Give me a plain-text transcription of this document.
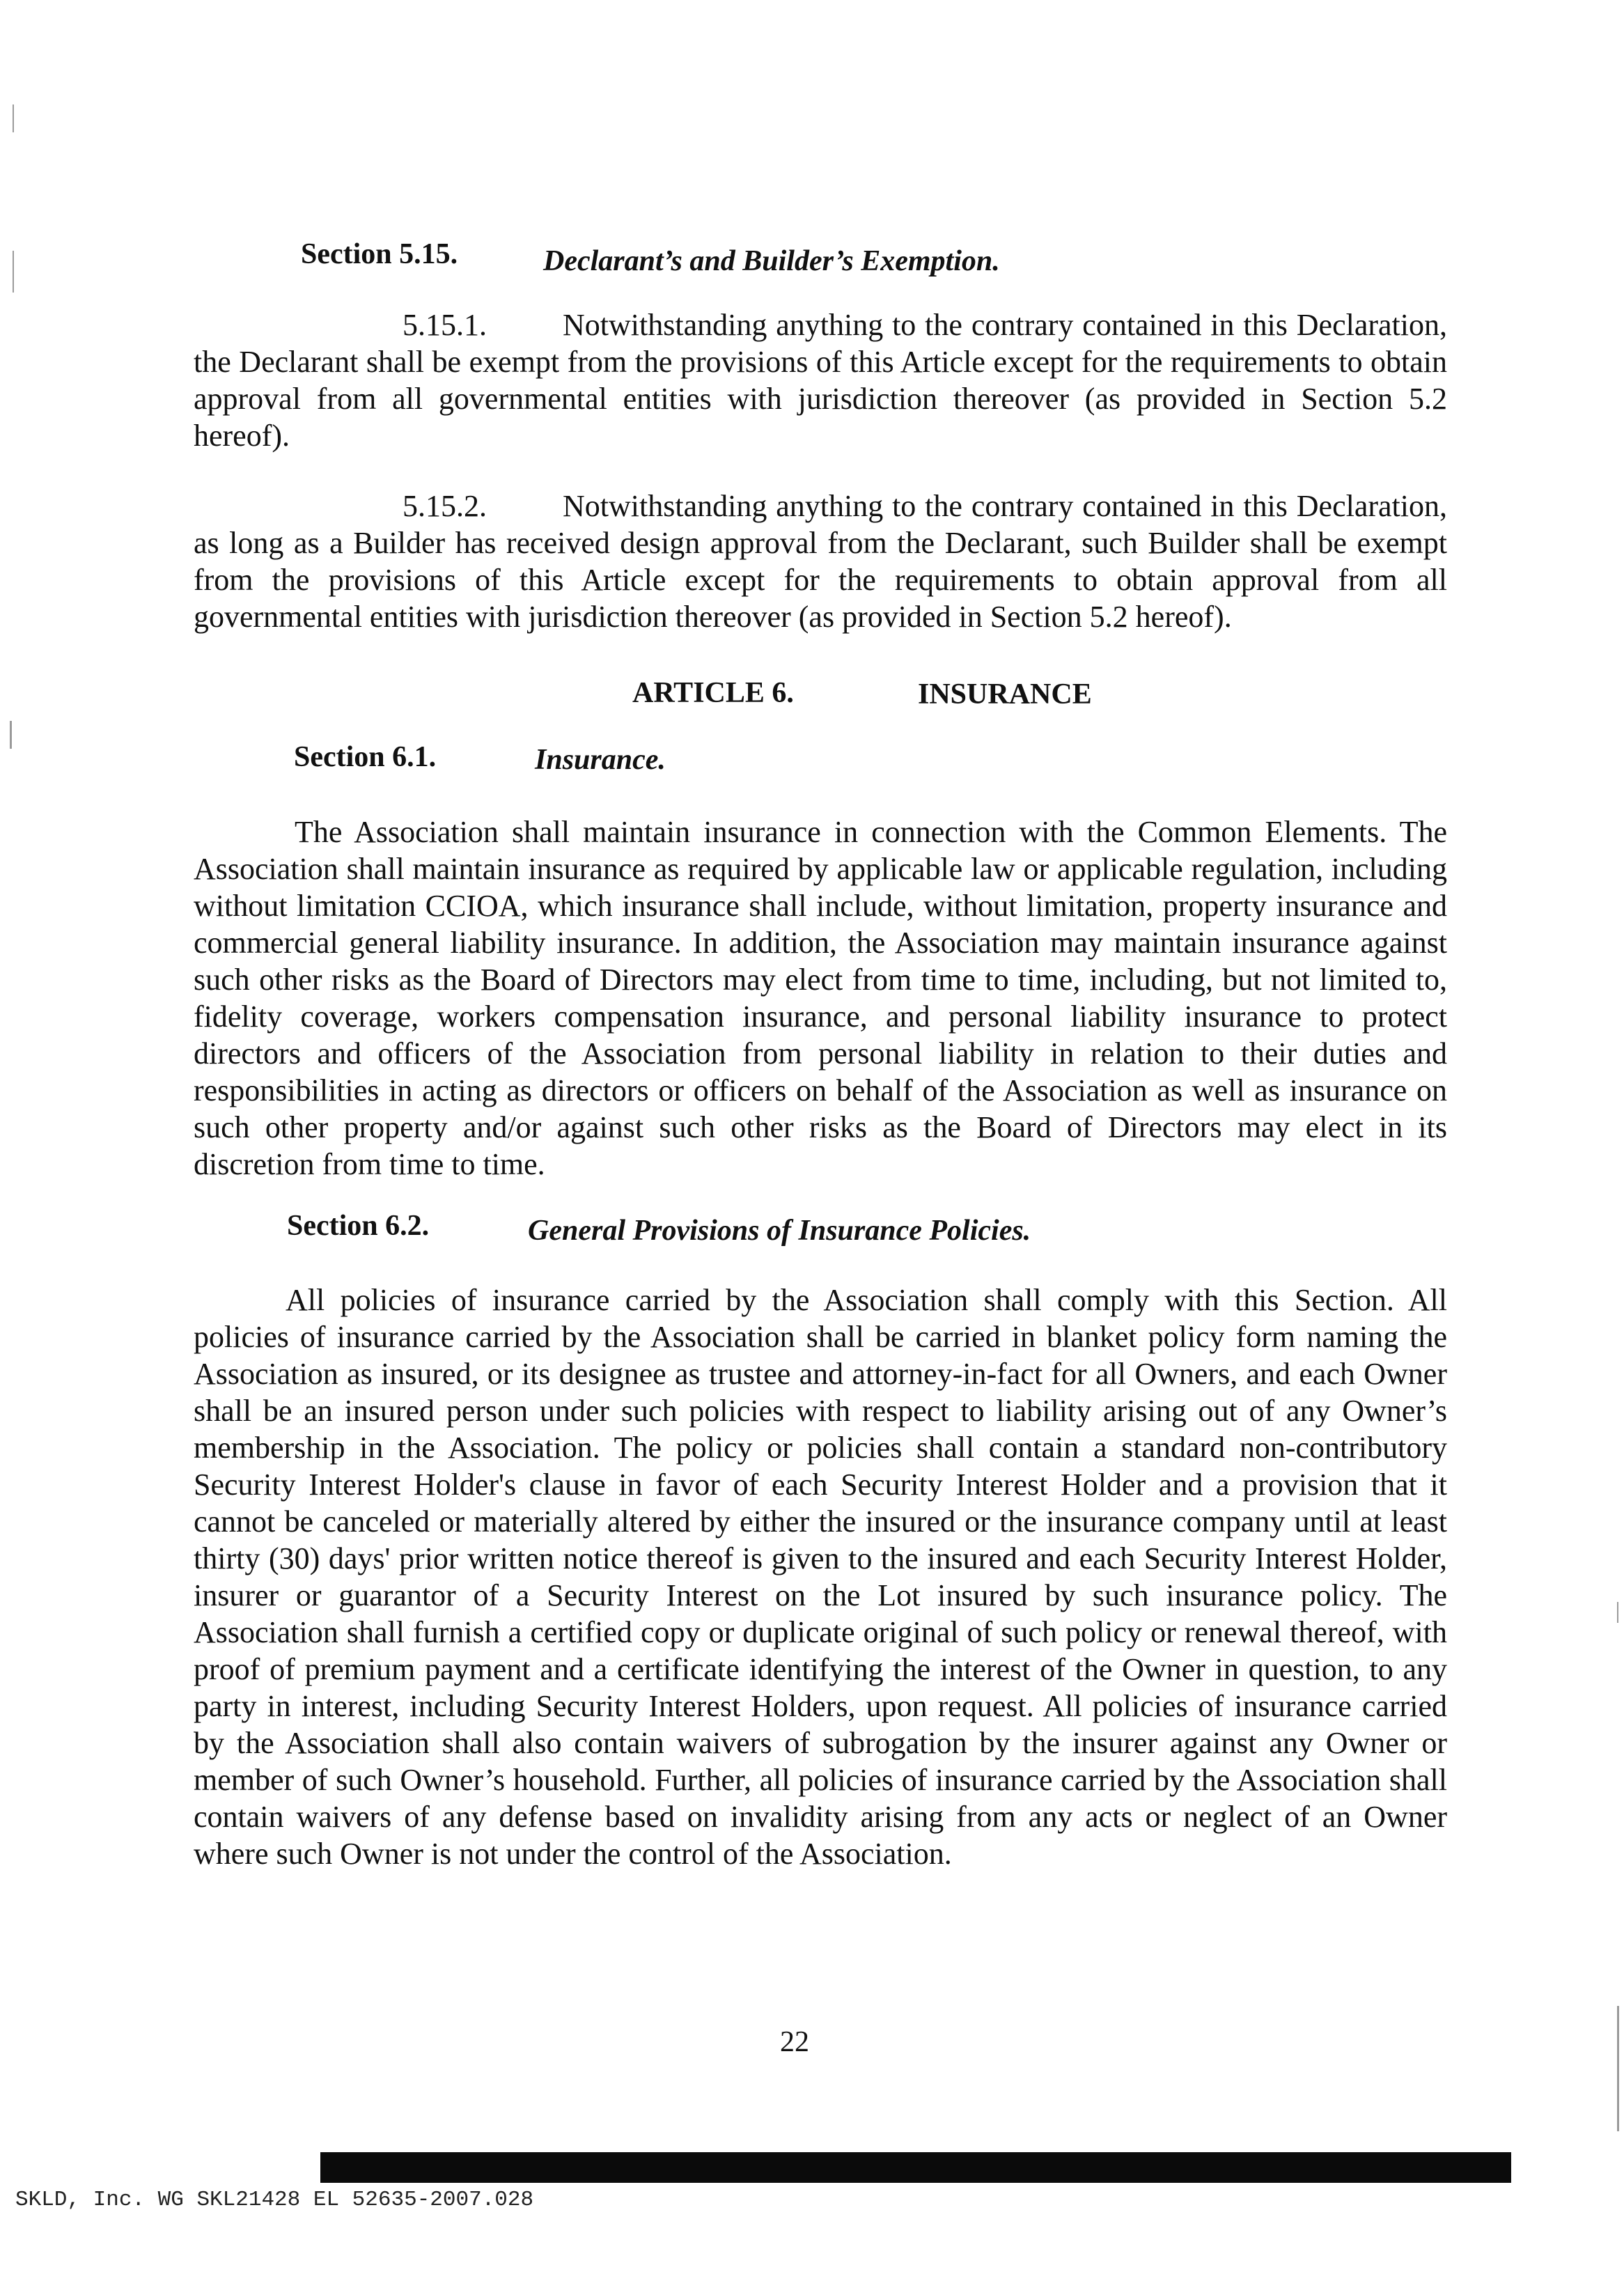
Section 5.15.	Declarant’s and Builder’s Exemption.

5.15.1. Notwithstanding anything to the contrary contained in this Declaration, the Declarant shall be exempt from the provisions of this Article except for the requirements to obtain approval from all governmental entities with jurisdiction thereover (as provided in Section 5.2 hereof).

5.15.2. Notwithstanding anything to the contrary contained in this Declaration, as long as a Builder has received design approval from the Declarant, such Builder shall be exempt from the provisions of this Article except for the requirements to obtain approval from all governmental entities with jurisdiction thereover (as provided in Section 5.2 hereof).

ARTICLE 6.	INSURANCE
Section 6.1.	Insurance.

The Association shall maintain insurance in connection with the Common Elements. The Association shall maintain insurance as required by applicable law or applicable regulation, including without limitation CCIOA, which insurance shall include, without limitation, property insurance and commercial general liability insurance. In addition, the Association may maintain insurance against such other risks as the Board of Directors may elect from time to time, including, but not limited to, fidelity coverage, workers compensation insurance, and personal liability insurance to protect directors and officers of the Association from personal liability in relation to their duties and responsibilities in acting as directors or officers on behalf of the Association as well as insurance on such other property and/or against such other risks as the Board of Directors may elect in its discretion from time to time.

Section 6.2.	General Provisions of Insurance Policies.

All policies of insurance carried by the Association shall comply with this Section. All policies of insurance carried by the Association shall be carried in blanket policy form naming the Association as insured, or its designee as trustee and attorney-in-fact for all Owners, and each Owner shall be an insured person under such policies with respect to liability arising out of any Owner’s membership in the Association. The policy or policies shall contain a standard non-contributory Security Interest Holder's clause in favor of each Security Interest Holder and a provision that it cannot be canceled or materially altered by either the insured or the insurance company until at least thirty (30) days' prior written notice thereof is given to the insured and each Security Interest Holder, insurer or guarantor of a Security Interest on the Lot insured by such insurance policy. The Association shall furnish a certified copy or duplicate original of such policy or renewal thereof, with proof of premium payment and a certificate identifying the interest of the Owner in question, to any party in interest, including Security Interest Holders, upon request. All policies of insurance carried by the Association shall also contain waivers of subrogation by the insurer against any Owner or member of such Owner’s household. Further, all policies of insurance carried by the Association shall contain waivers of any defense based on invalidity arising from any acts or neglect of an Owner where such Owner is not under the control of the Association.

22
SKLD, Inc. WG SKL21428 EL 52635-2007.028
